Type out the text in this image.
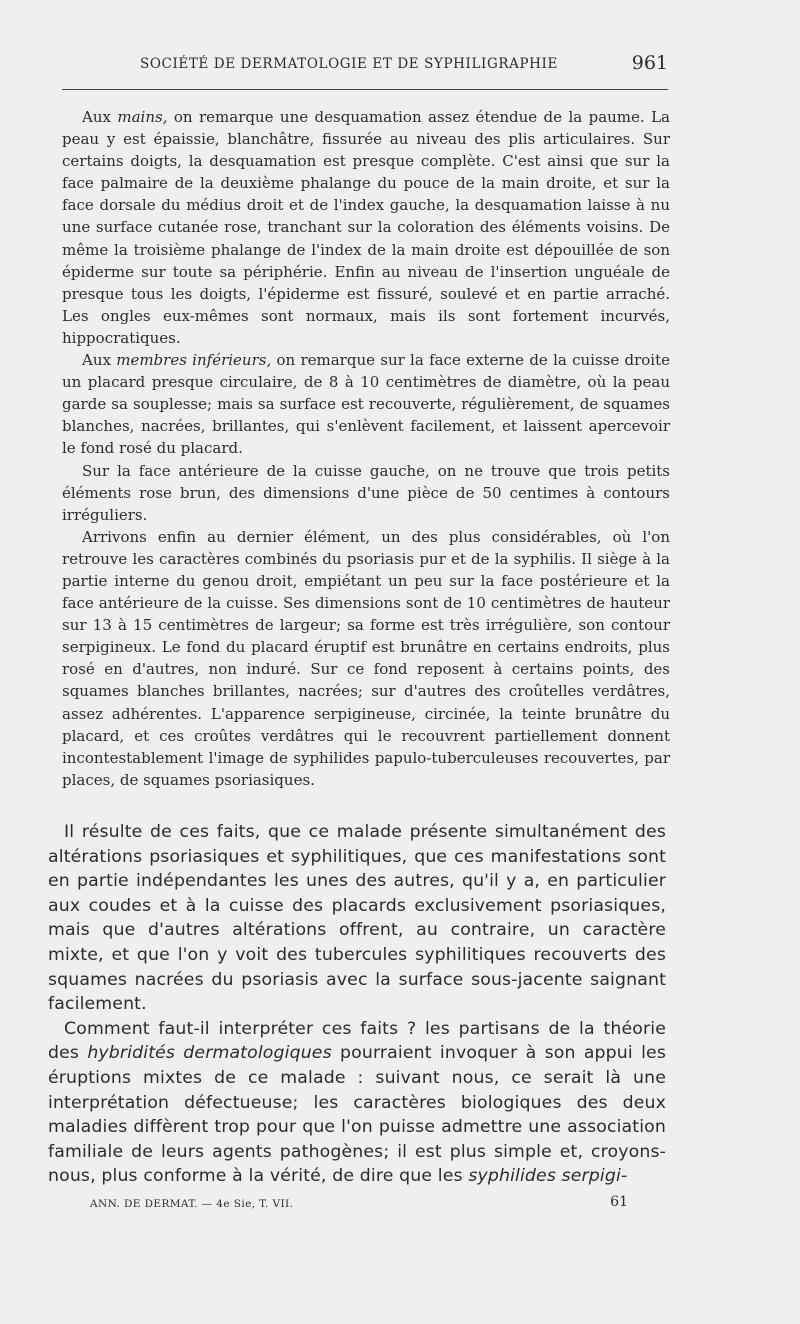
SOCIÉTÉ DE DERMATOLOGIE ET DE SYPHILIGRAPHIE	961

Aux mains, on remarque une desquamation assez étendue de la paume. La peau y est épaissie, blanchâtre, fissurée au niveau des plis articulaires. Sur certains doigts, la desquamation est presque complète. C'est ainsi que sur la face palmaire de la deuxième phalange du pouce de la main droite, et sur la face dorsale du médius droit et de l'index gauche, la desquamation laisse à nu une surface cutanée rose, tranchant sur la coloration des éléments voisins. De même la troisième phalange de l'index de la main droite est dépouillée de son épiderme sur toute sa périphérie. Enfin au niveau de l'insertion unguéale de presque tous les doigts, l'épiderme est fissuré, soulevé et en partie arraché. Les ongles eux-mêmes sont normaux, mais ils sont fortement incurvés, hippocratiques.

Aux membres inférieurs, on remarque sur la face externe de la cuisse droite un placard presque circulaire, de 8 à 10 centimètres de diamètre, où la peau garde sa souplesse; mais sa surface est recouverte, régulièrement, de squames blanches, nacrées, brillantes, qui s'enlèvent facilement, et laissent apercevoir le fond rosé du placard.

Sur la face antérieure de la cuisse gauche, on ne trouve que trois petits éléments rose brun, des dimensions d'une pièce de 50 centimes à contours irréguliers.

Arrivons enfin au dernier élément, un des plus considérables, où l'on retrouve les caractères combinés du psoriasis pur et de la syphilis. Il siège à la partie interne du genou droit, empiétant un peu sur la face postérieure et la face antérieure de la cuisse. Ses dimensions sont de 10 centimètres de hauteur sur 13 à 15 centimètres de largeur; sa forme est très irrégulière, son contour serpigineux. Le fond du placard éruptif est brunâtre en certains endroits, plus rosé en d'autres, non induré. Sur ce fond reposent à certains points, des squames blanches brillantes, nacrées; sur d'autres des croûtelles verdâtres, assez adhérentes. L'apparence serpigineuse, circinée, la teinte brunâtre du placard, et ces croûtes verdâtres qui le recouvrent partiellement donnent incontestablement l'image de syphilides papulo-tuberculeuses recouvertes, par places, de squames psoriasiques.

Il résulte de ces faits, que ce malade présente simultanément des altérations psoriasiques et syphilitiques, que ces manifestations sont en partie indépendantes les unes des autres, qu'il y a, en particulier aux coudes et à la cuisse des placards exclusivement psoriasiques, mais que d'autres altérations offrent, au contraire, un caractère mixte, et que l'on y voit des tubercules syphilitiques recouverts des squames nacrées du psoriasis avec la surface sous-jacente saignant facilement.

Comment faut-il interpréter ces faits ? les partisans de la théorie des hybridités dermatologiques pourraient invoquer à son appui les éruptions mixtes de ce malade : suivant nous, ce serait là une interprétation défectueuse; les caractères biologiques des deux maladies diffèrent trop pour que l'on puisse admettre une association familiale de leurs agents pathogènes; il est plus simple et, croyons-nous, plus conforme à la vérité, de dire que les syphilides serpigi-

ANN. DE DERMAT. — 4e Sie, T. VII.	61
